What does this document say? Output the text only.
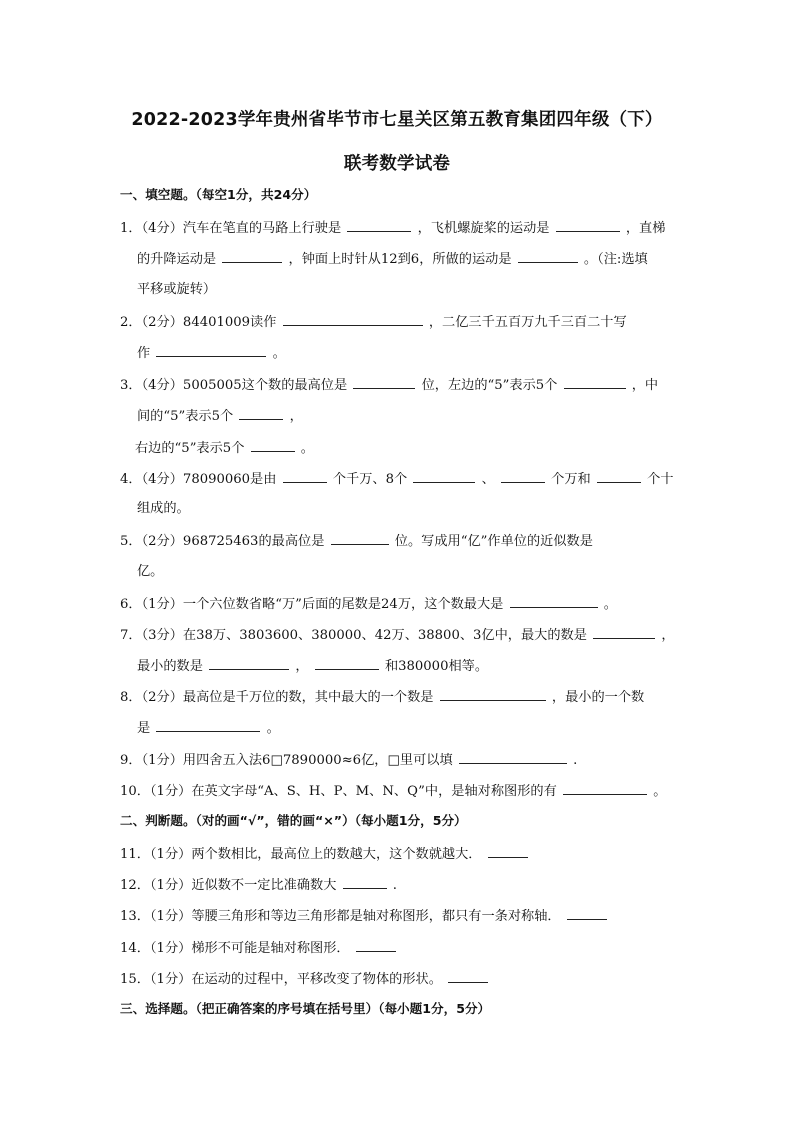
2022-2023学年贵州省毕节市七星关区第五教育集团四年级（下）
联考数学试卷
一、填空题。（每空1分，共24分）
1．（4分）汽车在笔直的马路上行驶是	，飞机螺旋桨的运动是	，直梯
的升降运动是	，钟面上时针从12到6，所做的运动是	。（注:选填
平移或旋转）
2．（2分）84401009读作	，二亿三千五百万九千三百二十写
作	。
3．（4分）5005005这个数的最高位是	位，左边的“5”表示5个	，中
间的“5”表示5个	，
右边的“5”表示5个	。
4．（4分）78090060是由	个千万、8个	、	个万和	个十
组成的。
5．（2分）968725463的最高位是	位。写成用“亿”作单位的近似数是
亿。
6．（1分）一个六位数省略“万”后面的尾数是24万，这个数最大是	。
7．（3分）在38万、3803600、380000、42万、38800、3亿中，最大的数是	，
最小的数是	，	和380000相等。
8．（2分）最高位是千万位的数，其中最大的一个数是	，最小的一个数
是	。
9．（1分）用四舍五入法6□7890000≈6亿，□里可以填	.
10．（1分）在英文字母“A、S、H、P、M、N、Q”中，是轴对称图形的有	。
二、判断题。（对的画“√”，错的画“×”）（每小题1分，5分）
11．（1分）两个数相比，最高位上的数越大，这个数就越大．
12．（1分）近似数不一定比准确数大	.
13．（1分）等腰三角形和等边三角形都是轴对称图形，都只有一条对称轴．
14．（1分）梯形不可能是轴对称图形．
15．（1分）在运动的过程中，平移改变了物体的形状。
三、选择题。（把正确答案的序号填在括号里）（每小题1分，5分）
